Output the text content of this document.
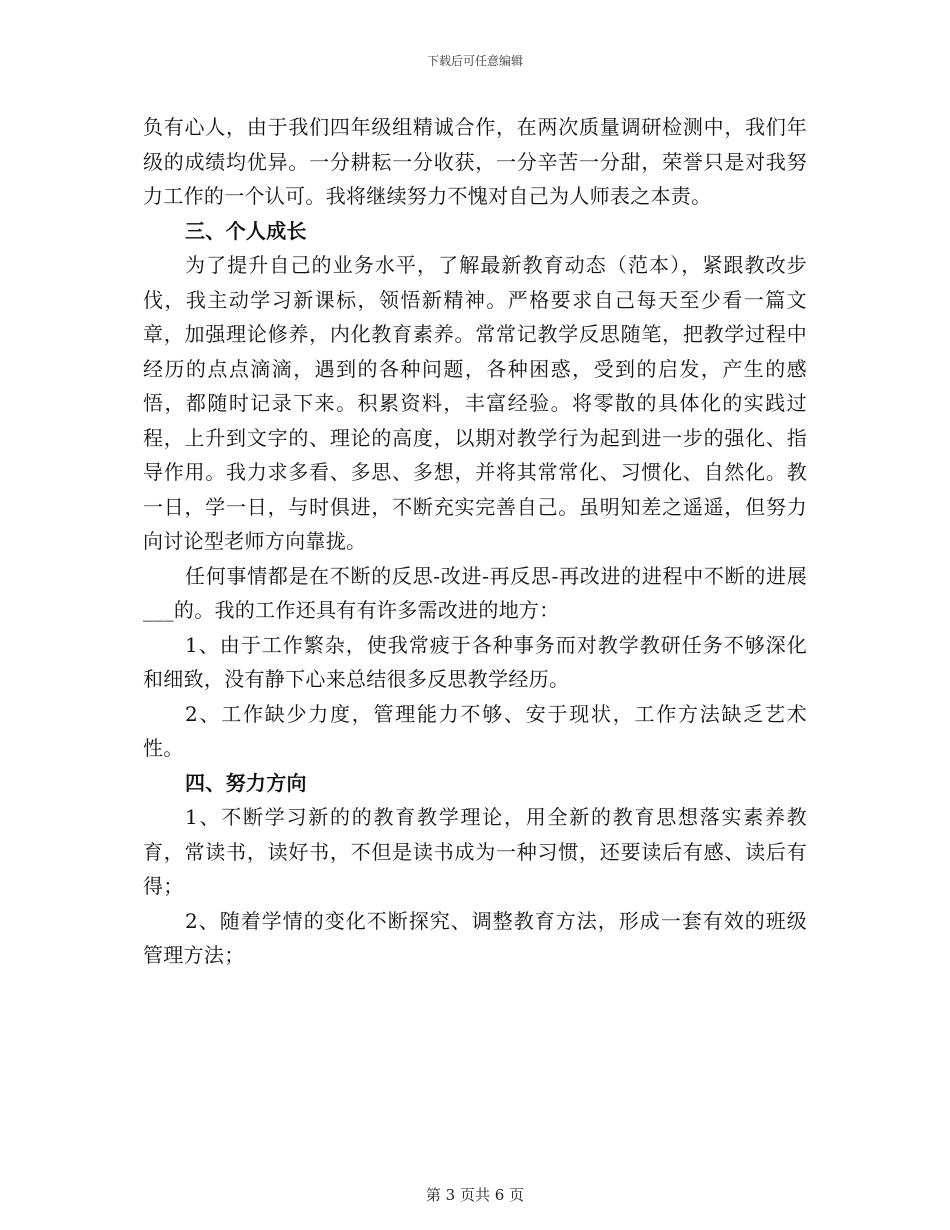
下载后可任意编辑

负有心人，由于我们四年级组精诚合作，在两次质量调研检测中，我们年级的成绩均优异。一分耕耘一分收获，一分辛苦一分甜，荣誉只是对我努力工作的一个认可。我将继续努力不愧对自己为人师表之本责。

三、个人成长

为了提升自己的业务水平，了解最新教育动态（范本），紧跟教改步伐，我主动学习新课标，领悟新精神。严格要求自己每天至少看一篇文章，加强理论修养，内化教育素养。常常记教学反思随笔，把教学过程中经历的点点滴滴，遇到的各种问题，各种困惑，受到的启发，产生的感悟，都随时记录下来。积累资料，丰富经验。将零散的具体化的实践过程，上升到文字的、理论的高度，以期对教学行为起到进一步的强化、指导作用。我力求多看、多思、多想，并将其常常化、习惯化、自然化。教一日，学一日，与时俱进，不断充实完善自己。虽明知差之遥遥，但努力向讨论型老师方向靠拢。

任何事情都是在不断的反思-改进-再反思-再改进的进程中不断的进展___的。我的工作还具有有许多需改进的地方：

1、由于工作繁杂，使我常疲于各种事务而对教学教研任务不够深化和细致，没有静下心来总结很多反思教学经历。

2、工作缺少力度，管理能力不够、安于现状，工作方法缺乏艺术性。

四、努力方向

1、不断学习新的的教育教学理论，用全新的教育思想落实素养教育，常读书，读好书，不但是读书成为一种习惯，还要读后有感、读后有得；

2、随着学情的变化不断探究、调整教育方法，形成一套有效的班级管理方法；

第 3 页共 6 页
